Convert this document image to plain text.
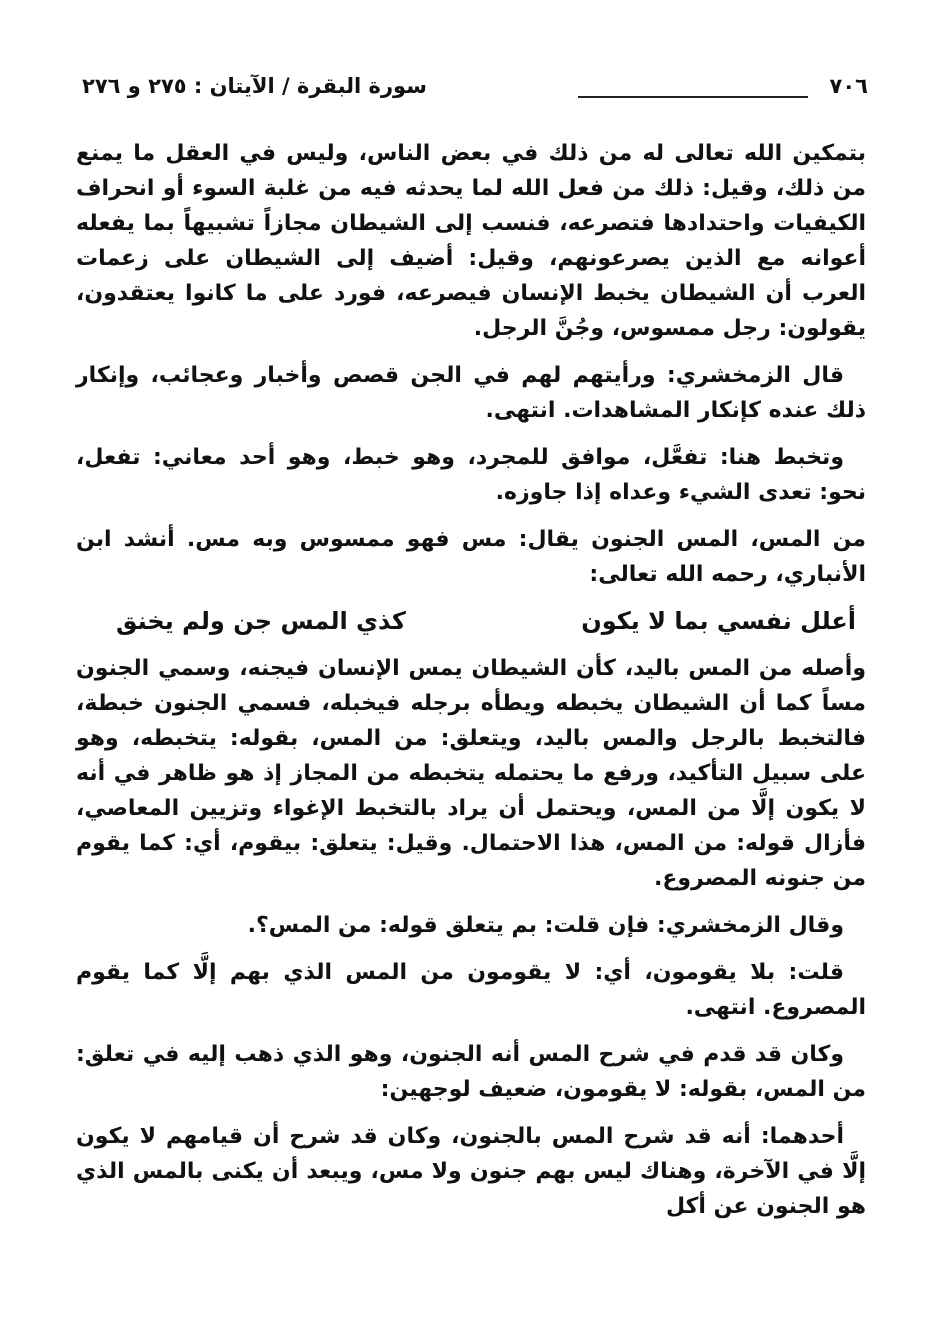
٧٠٦
سورة البقرة / الآيتان : ٢٧٥ و ٢٧٦

بتمكين الله تعالى له من ذلك في بعض الناس، وليس في العقل ما يمنع من ذلك، وقيل: ذلك من فعل الله لما يحدثه فيه من غلبة السوء أو انحراف الكيفيات واحتدادها فتصرعه، فنسب إلى الشيطان مجازاً تشبيهاً بما يفعله أعوانه مع الذين يصرعونهم، وقيل: أضيف إلى الشيطان على زعمات العرب أن الشيطان يخبط الإنسان فيصرعه، فورد على ما كانوا يعتقدون، يقولون: رجل ممسوس، وجُنَّ الرجل.

قال الزمخشري: ورأيتهم لهم في الجن قصص وأخبار وعجائب، وإنكار ذلك عنده كإنكار المشاهدات. انتهى.

وتخبط هنا: تفعَّل، موافق للمجرد، وهو خبط، وهو أحد معاني: تفعل، نحو: تعدى الشيء وعداه إذا جاوزه.

من المس، المس الجنون يقال: مس فهو ممسوس وبه مس. أنشد ابن الأنباري، رحمه الله تعالى:

أعلل نفسي بما لا يكون
كذي المس جن ولم يخنق

وأصله من المس باليد، كأن الشيطان يمس الإنسان فيجنه، وسمي الجنون مساً كما أن الشيطان يخبطه ويطأه برجله فيخبله، فسمي الجنون خبطة، فالتخبط بالرجل والمس باليد، ويتعلق: من المس، بقوله: يتخبطه، وهو على سبيل التأكيد، ورفع ما يحتمله يتخبطه من المجاز إذ هو ظاهر في أنه لا يكون إلَّا من المس، ويحتمل أن يراد بالتخبط الإغواء وتزيين المعاصي، فأزال قوله: من المس، هذا الاحتمال. وقيل: يتعلق: بيقوم، أي: كما يقوم من جنونه المصروع.

وقال الزمخشري: فإن قلت: بم يتعلق قوله: من المس؟.

قلت: بلا يقومون، أي: لا يقومون من المس الذي بهم إلَّا كما يقوم المصروع. انتهى.

وكان قد قدم في شرح المس أنه الجنون، وهو الذي ذهب إليه في تعلق: من المس، بقوله: لا يقومون، ضعيف لوجهين:

أحدهما: أنه قد شرح المس بالجنون، وكان قد شرح أن قيامهم لا يكون إلَّا في الآخرة، وهناك ليس بهم جنون ولا مس، ويبعد أن يكنى بالمس الذي هو الجنون عن أكل
